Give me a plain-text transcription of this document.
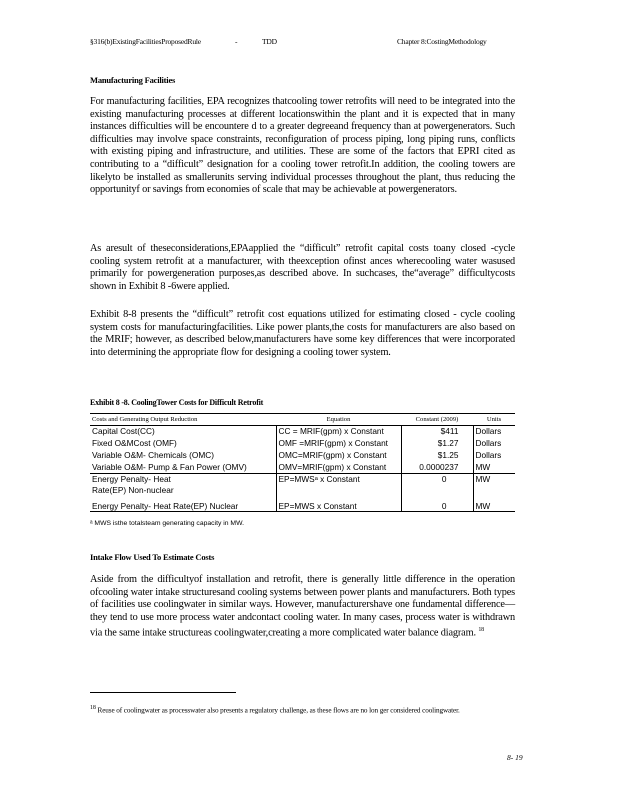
§316(b)ExistingFacilitiesProposedRule	-	TDD	Chapter 8:CostingMethodology
Manufacturing Facilities

For manufacturing facilities, EPA recognizes thatcooling tower retrofits will need to be integrated into the existing manufacturing processes at different locationswithin the plant and it is expected that in many instances difficulties will be encountere d to a greater degreeand frequency than at powergenerators. Such difficulties may involve space constraints, reconfiguration of process piping, long piping runs, conflicts with existing piping and infrastructure, and utilities. These are some of the factors that EPRI cited as contributing to a “difficult” designation for a cooling tower retrofit.In addition, the cooling towers are likelyto be installed as smallerunits serving individual processes throughout the plant, thus reducing the opportunityf or savings from economies of scale that may be achievable at powergenerators.

As aresult of theseconsiderations,EPAapplied the “difficult” retrofit capital costs toany closed -cycle cooling system retrofit at a manufacturer, with theexception ofinst ances wherecooling water wasused primarily for powergeneration purposes,as described above. In suchcases, the“average” difficultycosts shown in Exhibit 8 -6were applied.

Exhibit 8-8 presents the “difficult” retrofit cost equations utilized for estimating closed - cycle cooling system costs for manufacturingfacilities. Like power plants,the costs for manufacturers are also based on the MRIF; however, as described below,manufacturers have some key differences that were incorporated into determining the appropriate flow for designing a cooling tower system.

Exhibit 8 -8. CoolingTower Costs for Difficult Retrofit
Costs and Generating Output Reduction	Equation	Constant (2009)	Units
Capital Cost(CC)	CC = MRIF(gpm) x Constant	$411	Dollars
Fixed O&MCost (OMF)	OMF =MRIF(gpm) x Constant	$1.27	Dollars
Variable O&M- Chemicals (OMC)	OMC=MRIF(gpm) x Constant	$1.25	Dollars
Variable O&M- Pump & Fan Power (OMV)	OMV=MRIF(gpm) x Constant	0.0000237	MW
Energy Penalty- Heat Rate(EP) Non-nuclear	EP=MWSᵃ x Constant	0	MW
Energy Penalty- Heat Rate(EP) Nuclear	EP=MWS x Constant	0	MW
ᵃ MWS isthe totalsteam generating capacity in MW.
Intake Flow Used To Estimate Costs

Aside from the difficultyof installation and retrofit, there is generally little difference in the operation ofcooling water intake structuresand cooling systems between power plants and manufacturers. Both types of facilities use coolingwater in similar ways. However, manufacturershave one fundamental difference—they tend to use more process water andcontact cooling water. In many cases, process water is withdrawn via the same intake structureas coolingwater,creating a more complicated water balance diagram. $^{18}$

$^{18}$ Reuse of coolingwater as processwater also presents a regulatory challenge, as these flows are no lon ger considered coolingwater.
8- 19
